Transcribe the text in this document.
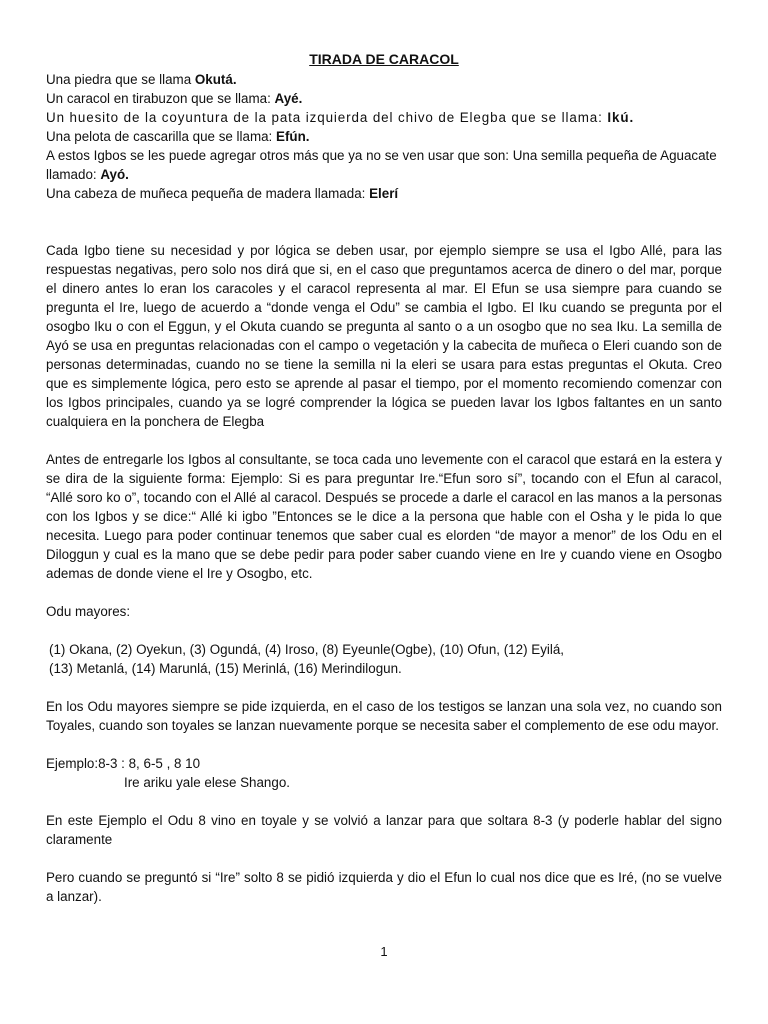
TIRADA DE CARACOL

Una piedra que se llama Okutá.

Un caracol en tirabuzon que se llama: Ayé.

Un huesito de la coyuntura de la pata izquierda del chivo de Elegba que se llama: Ikú.

Una pelota de cascarilla que se llama: Efún.

A estos Igbos se les puede agregar otros más que ya no se ven usar que son: Una semilla pequeña de Aguacate llamado: Ayó.

Una cabeza de muñeca pequeña de madera llamada: Elerí

Cada Igbo tiene su necesidad y por lógica se deben usar, por ejemplo siempre se usa el Igbo Allé, para las respuestas negativas, pero solo nos dirá que si, en el caso que preguntamos acerca de dinero o del mar, porque el dinero antes lo eran los caracoles y el caracol representa al mar. El Efun se usa siempre para cuando se pregunta el Ire, luego de acuerdo a “donde venga el Odu” se cambia el Igbo. El Iku cuando se pregunta por el osogbo Iku o con el Eggun, y el Okuta cuando se pregunta al santo o a un osogbo que no sea Iku. La semilla de Ayó se usa en preguntas relacionadas con el campo o vegetación y la cabecita de muñeca o Eleri cuando son de personas determinadas, cuando no se tiene la semilla ni la eleri se usara para estas preguntas el Okuta. Creo que es simplemente lógica, pero esto se aprende al pasar el tiempo, por el momento recomiendo comenzar con los Igbos principales, cuando ya se logré comprender la lógica se pueden lavar los Igbos faltantes en un santo cualquiera en la ponchera de Elegba

Antes de entregarle los Igbos al consultante, se toca cada uno levemente con el caracol que estará en la estera y se dira de la siguiente forma: Ejemplo: Si es para preguntar Ire.“Efun soro sí”, tocando con el Efun al caracol, “Allé soro ko o”, tocando con el Allé al caracol. Después se procede a darle el caracol en las manos a la personas con los Igbos y se dice:“ Allé ki igbo ”Entonces se le dice a la persona que hable con el Osha y le pida lo que necesita. Luego para poder continuar tenemos que saber cual es elorden “de mayor a menor” de los Odu en el Diloggun y cual es la mano que se debe pedir para poder saber cuando viene en Ire y cuando viene en Osogbo ademas de donde viene el Ire y Osogbo, etc.

Odu mayores:

(1) Okana, (2) Oyekun, (3) Ogundá, (4) Iroso, (8) Eyeunle(Ogbe), (10) Ofun, (12) Eyilá,
(13) Metanlá, (14) Marunlá, (15) Merinlá, (16) Merindilogun.

En los Odu mayores siempre se pide izquierda, en el caso de los testigos se lanzan una sola vez, no cuando son Toyales, cuando son toyales se lanzan nuevamente porque se necesita saber el complemento de ese odu mayor.

Ejemplo:8-3 : 8, 6-5 , 8 10

Ire ariku yale elese Shango.

En este Ejemplo el Odu 8 vino en toyale y se volvió a lanzar para que soltara 8-3 (y poderle hablar del signo claramente

Pero cuando se preguntó si “Ire” solto 8 se pidió izquierda y dio el Efun lo cual nos dice que es Iré, (no se vuelve a lanzar).

1
